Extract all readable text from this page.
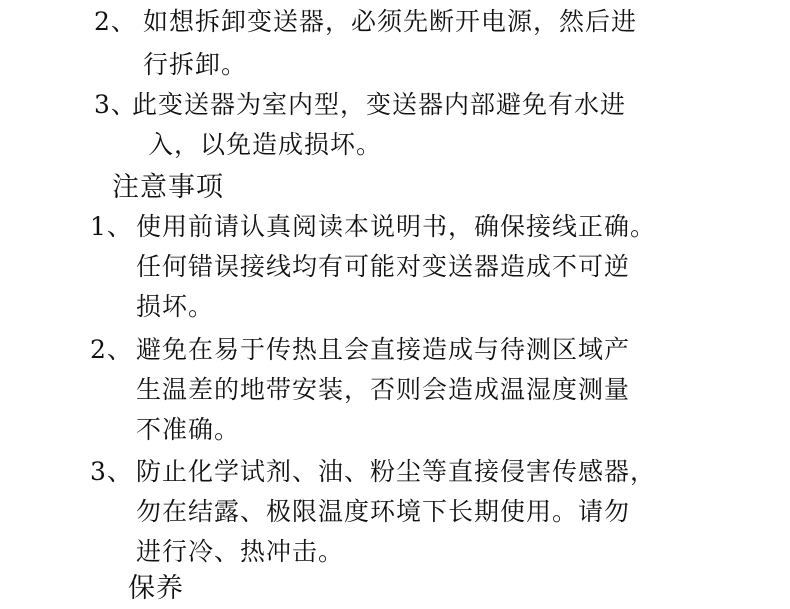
2、 如想拆卸变送器，必须先断开电源，然后进
行拆卸。
3、
此变送器为室内型，变送器内部避免有水进
入，以免造成损坏。
注意事项
1、 使用前请认真阅读本说明书，确保接线正确。
任何错误接线均有可能对变送器造成不可逆
损坏。
2、 避免在易于传热且会直接造成与待测区域产
生温差的地带安装，否则会造成温湿度测量
不准确。
3、 防止化学试剂、油、粉尘等直接侵害传感器，
勿在结露、极限温度环境下长期使用。请勿
进行冷、热冲击。
保养
